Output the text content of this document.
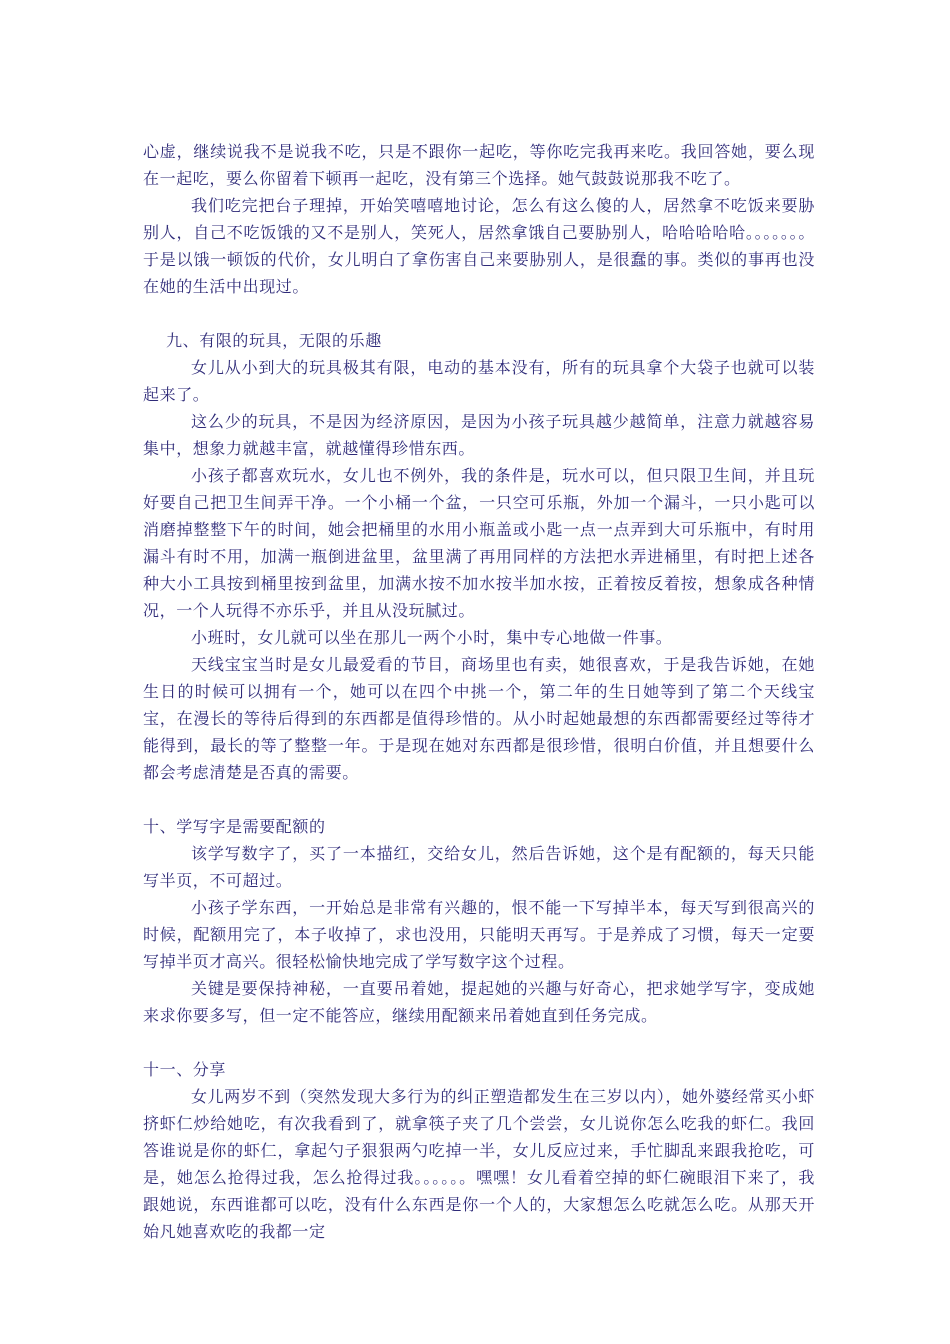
心虚，继续说我不是说我不吃，只是不跟你一起吃，等你吃完我再来吃。我回答她，要么现在一起吃，要么你留着下顿再一起吃，没有第三个选择。她气鼓鼓说那我不吃了。

我们吃完把台子理掉，开始笑嘻嘻地讨论，怎么有这么傻的人，居然拿不吃饭来要胁别人，自己不吃饭饿的又不是别人，笑死人，居然拿饿自己要胁别人，哈哈哈哈哈。。。。。。。于是以饿一顿饭的代价，女儿明白了拿伤害自己来要胁别人，是很蠢的事。类似的事再也没在她的生活中出现过。

九、有限的玩具，无限的乐趣

女儿从小到大的玩具极其有限，电动的基本没有，所有的玩具拿个大袋子也就可以装起来了。

这么少的玩具，不是因为经济原因，是因为小孩子玩具越少越简单，注意力就越容易集中，想象力就越丰富，就越懂得珍惜东西。

小孩子都喜欢玩水，女儿也不例外，我的条件是，玩水可以，但只限卫生间，并且玩好要自己把卫生间弄干净。一个小桶一个盆，一只空可乐瓶，外加一个漏斗，一只小匙可以消磨掉整整下午的时间，她会把桶里的水用小瓶盖或小匙一点一点弄到大可乐瓶中，有时用漏斗有时不用，加满一瓶倒进盆里，盆里满了再用同样的方法把水弄进桶里，有时把上述各种大小工具按到桶里按到盆里，加满水按不加水按半加水按，正着按反着按，想象成各种情况，一个人玩得不亦乐乎，并且从没玩腻过。

小班时，女儿就可以坐在那儿一两个小时，集中专心地做一件事。

天线宝宝当时是女儿最爱看的节目，商场里也有卖，她很喜欢，于是我告诉她，在她生日的时候可以拥有一个，她可以在四个中挑一个，第二年的生日她等到了第二个天线宝宝，在漫长的等待后得到的东西都是值得珍惜的。从小时起她最想的东西都需要经过等待才能得到，最长的等了整整一年。于是现在她对东西都是很珍惜，很明白价值，并且想要什么都会考虑清楚是否真的需要。

十、学写字是需要配额的

该学写数字了，买了一本描红，交给女儿，然后告诉她，这个是有配额的，每天只能写半页，不可超过。

小孩子学东西，一开始总是非常有兴趣的，恨不能一下写掉半本，每天写到很高兴的时候，配额用完了，本子收掉了，求也没用，只能明天再写。于是养成了习惯，每天一定要写掉半页才高兴。很轻松愉快地完成了学写数字这个过程。

关键是要保持神秘，一直要吊着她，提起她的兴趣与好奇心，把求她学写字，变成她来求你要多写，但一定不能答应，继续用配额来吊着她直到任务完成。

十一、分享

女儿两岁不到（突然发现大多行为的纠正塑造都发生在三岁以内），她外婆经常买小虾挤虾仁炒给她吃，有次我看到了，就拿筷子夹了几个尝尝，女儿说你怎么吃我的虾仁。我回答谁说是你的虾仁，拿起勺子狠狠两勺吃掉一半，女儿反应过来，手忙脚乱来跟我抢吃，可是，她怎么抢得过我，怎么抢得过我。。。。。。嘿嘿！女儿看着空掉的虾仁碗眼泪下来了，我跟她说，东西谁都可以吃，没有什么东西是你一个人的，大家想怎么吃就怎么吃。从那天开始凡她喜欢吃的我都一定
